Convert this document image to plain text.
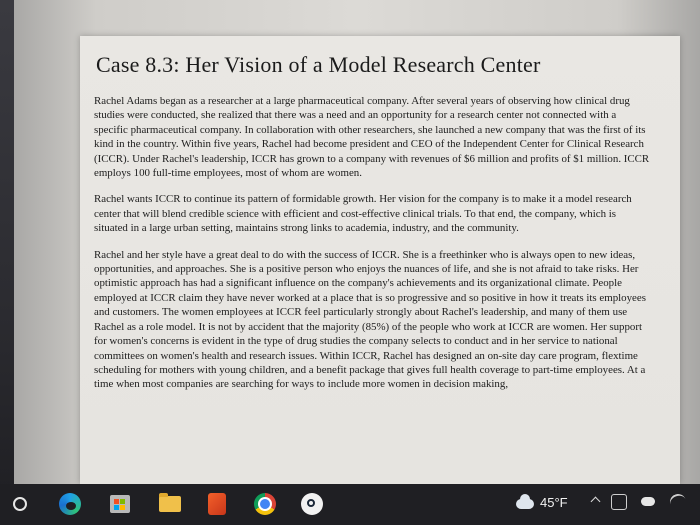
Case 8.3: Her Vision of a Model Research Center

Rachel Adams began as a researcher at a large pharmaceutical company. After several years of observing how clinical drug studies were conducted, she realized that there was a need and an opportunity for a research center not connected with a specific pharmaceutical company. In collaboration with other researchers, she launched a new company that was the first of its kind in the country. Within five years, Rachel had become president and CEO of the Independent Center for Clinical Research (ICCR). Under Rachel's leadership, ICCR has grown to a company with revenues of $6 million and profits of $1 million. ICCR employs 100 full-time employees, most of whom are women.

Rachel wants ICCR to continue its pattern of formidable growth. Her vision for the company is to make it a model research center that will blend credible science with efficient and cost-effective clinical trials. To that end, the company, which is situated in a large urban setting, maintains strong links to academia, industry, and the community.

Rachel and her style have a great deal to do with the success of ICCR. She is a freethinker who is always open to new ideas, opportunities, and approaches. She is a positive person who enjoys the nuances of life, and she is not afraid to take risks. Her optimistic approach has had a significant influence on the company's achievements and its organizational climate. People employed at ICCR claim they have never worked at a place that is so progressive and so positive in how it treats its employees and customers. The women employees at ICCR feel particularly strongly about Rachel's leadership, and many of them use Rachel as a role model. It is not by accident that the majority (85%) of the people who work at ICCR are women. Her support for women's concerns is evident in the type of drug studies the company selects to conduct and in her service to national committees on women's health and research issues. Within ICCR, Rachel has designed an on-site day care program, flextime scheduling for mothers with young children, and a benefit package that gives full health coverage to part-time employees. At a time when most companies are searching for ways to include more women in decision making,

45°F
